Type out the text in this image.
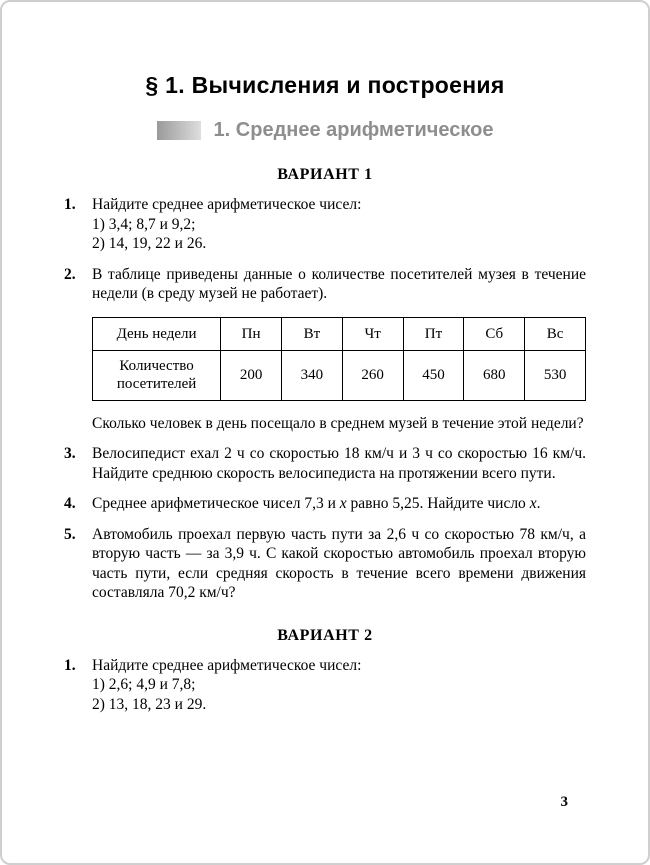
§ 1. Вычисления и построения
1. Среднее арифметическое
ВАРИАНТ 1
1.	Найдите среднее арифметическое чисел:
1) 3,4; 8,7 и 9,2;
2) 14, 19, 22 и 26.
2.	В таблице приведены данные о количестве посетителей музея в течение недели (в среду музей не работает).
День недели	Пн	Вт	Чт	Пт	Сб	Вс
Количество посетителей	200	340	260	450	680	530
Сколько человек в день посещало в среднем музей в течение этой недели?
3.	Велосипедист ехал 2 ч со скоростью 18 км/ч и 3 ч со скоростью 16 км/ч. Найдите среднюю скорость велосипедиста на протяжении всего пути.
4.	Среднее арифметическое чисел 7,3 и x равно 5,25. Найдите число x.
5.	Автомобиль проехал первую часть пути за 2,6 ч со скоростью 78 км/ч, а вторую часть — за 3,9 ч. С какой скоростью автомобиль проехал вторую часть пути, если средняя скорость в течение всего времени движения составляла 70,2 км/ч?
ВАРИАНТ 2
1.	Найдите среднее арифметическое чисел:
1) 2,6; 4,9 и 7,8;
2) 13, 18, 23 и 29.
3
